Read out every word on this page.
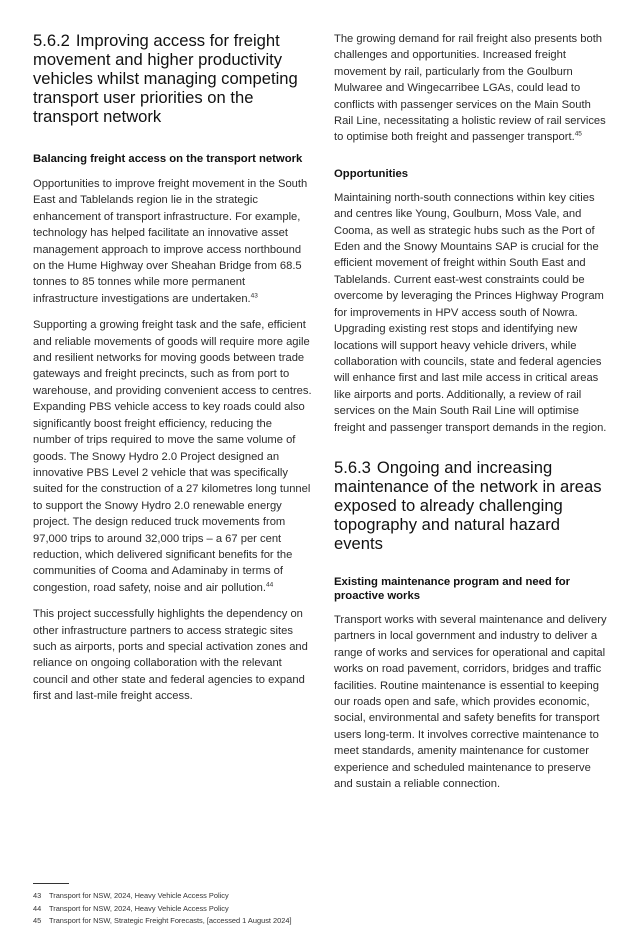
5.6.2 Improving access for freight movement and higher productivity vehicles whilst managing competing transport user priorities on the transport network
Balancing freight access on the transport network

Opportunities to improve freight movement in the South East and Tablelands region lie in the strategic enhancement of transport infrastructure. For example, technology has helped facilitate an innovative asset management approach to improve access northbound on the Hume Highway over Sheahan Bridge from 68.5 tonnes to 85 tonnes while more permanent infrastructure investigations are undertaken.$^{43}$

Supporting a growing freight task and the safe, efficient and reliable movements of goods will require more agile and resilient networks for moving goods between trade gateways and freight precincts, such as from port to warehouse, and providing convenient access to centres. Expanding PBS vehicle access to key roads could also significantly boost freight efficiency, reducing the number of trips required to move the same volume of goods. The Snowy Hydro 2.0 Project designed an innovative PBS Level 2 vehicle that was specifically suited for the construction of a 27 kilometres long tunnel to support the Snowy Hydro 2.0 renewable energy project. The design reduced truck movements from 97,000 trips to around 32,000 trips – a 67 per cent reduction, which delivered significant benefits for the communities of Cooma and Adaminaby in terms of congestion, road safety, noise and air pollution.$^{44}$

This project successfully highlights the dependency on other infrastructure partners to access strategic sites such as airports, ports and special activation zones and reliance on ongoing collaboration with the relevant council and other state and federal agencies to expand first and last-mile freight access.

The growing demand for rail freight also presents both challenges and opportunities. Increased freight movement by rail, particularly from the Goulburn Mulwaree and Wingecarribee LGAs, could lead to conflicts with passenger services on the Main South Rail Line, necessitating a holistic review of rail services to optimise both freight and passenger transport.$^{45}$

Opportunities

Maintaining north-south connections within key cities and centres like Young, Goulburn, Moss Vale, and Cooma, as well as strategic hubs such as the Port of Eden and the Snowy Mountains SAP is crucial for the efficient movement of freight within South East and Tablelands. Current east-west constraints could be overcome by leveraging the Princes Highway Program for improvements in HPV access south of Nowra. Upgrading existing rest stops and identifying new locations will support heavy vehicle drivers, while collaboration with councils, state and federal agencies will enhance first and last mile access in critical areas like airports and ports. Additionally, a review of rail services on the Main South Rail Line will optimise freight and passenger transport demands in the region.

5.6.3 Ongoing and increasing maintenance of the network in areas exposed to already challenging topography and natural hazard events
Existing maintenance program and need for proactive works

Transport works with several maintenance and delivery partners in local government and industry to deliver a range of works and services for operational and capital works on road pavement, corridors, bridges and traffic facilities. Routine maintenance is essential to keeping our roads open and safe, which provides economic, social, environmental and safety benefits for transport users long-term. It involves corrective maintenance to meet standards, amenity maintenance for customer experience and scheduled maintenance to preserve and sustain a reliable connection.

43 Transport for NSW, 2024, Heavy Vehicle Access Policy
44 Transport for NSW, 2024, Heavy Vehicle Access Policy
45 Transport for NSW, Strategic Freight Forecasts, [accessed 1 August 2024]
